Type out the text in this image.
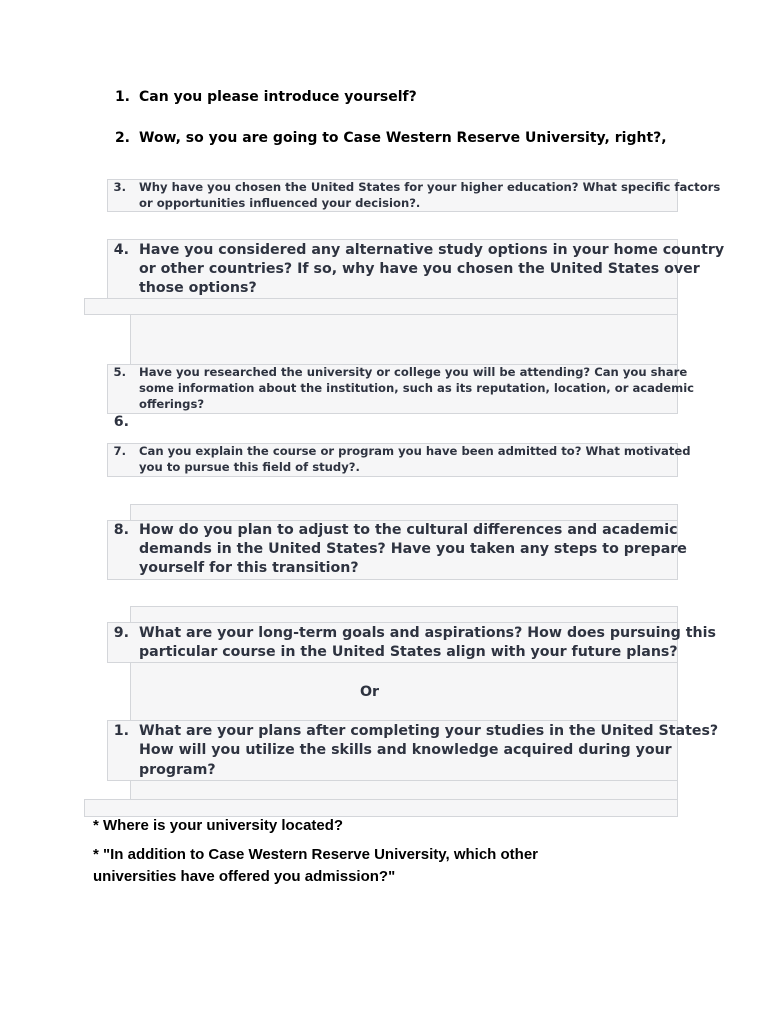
1. Can you please introduce yourself?
2. Wow, so you are going to Case Western Reserve University, right?,
3. Why have you chosen the United States for your higher education? What specific factors
or opportunities influenced your decision?.
4. Have you considered any alternative study options in your home country
or other countries? If so, why have you chosen the United States over
those options?
5. Have you researched the university or college you will be attending? Can you share
some information about the institution, such as its reputation, location, or academic
offerings?
6.
7. Can you explain the course or program you have been admitted to? What motivated
you to pursue this field of study?.
8. How do you plan to adjust to the cultural differences and academic
demands in the United States? Have you taken any steps to prepare
yourself for this transition?
9. What are your long-term goals and aspirations? How does pursuing this
particular course in the United States align with your future plans?
Or
1. What are your plans after completing your studies in the United States?
How will you utilize the skills and knowledge acquired during your
program?
* Where is your university located?
* "In addition to Case Western Reserve University, which other
universities have offered you admission?"
